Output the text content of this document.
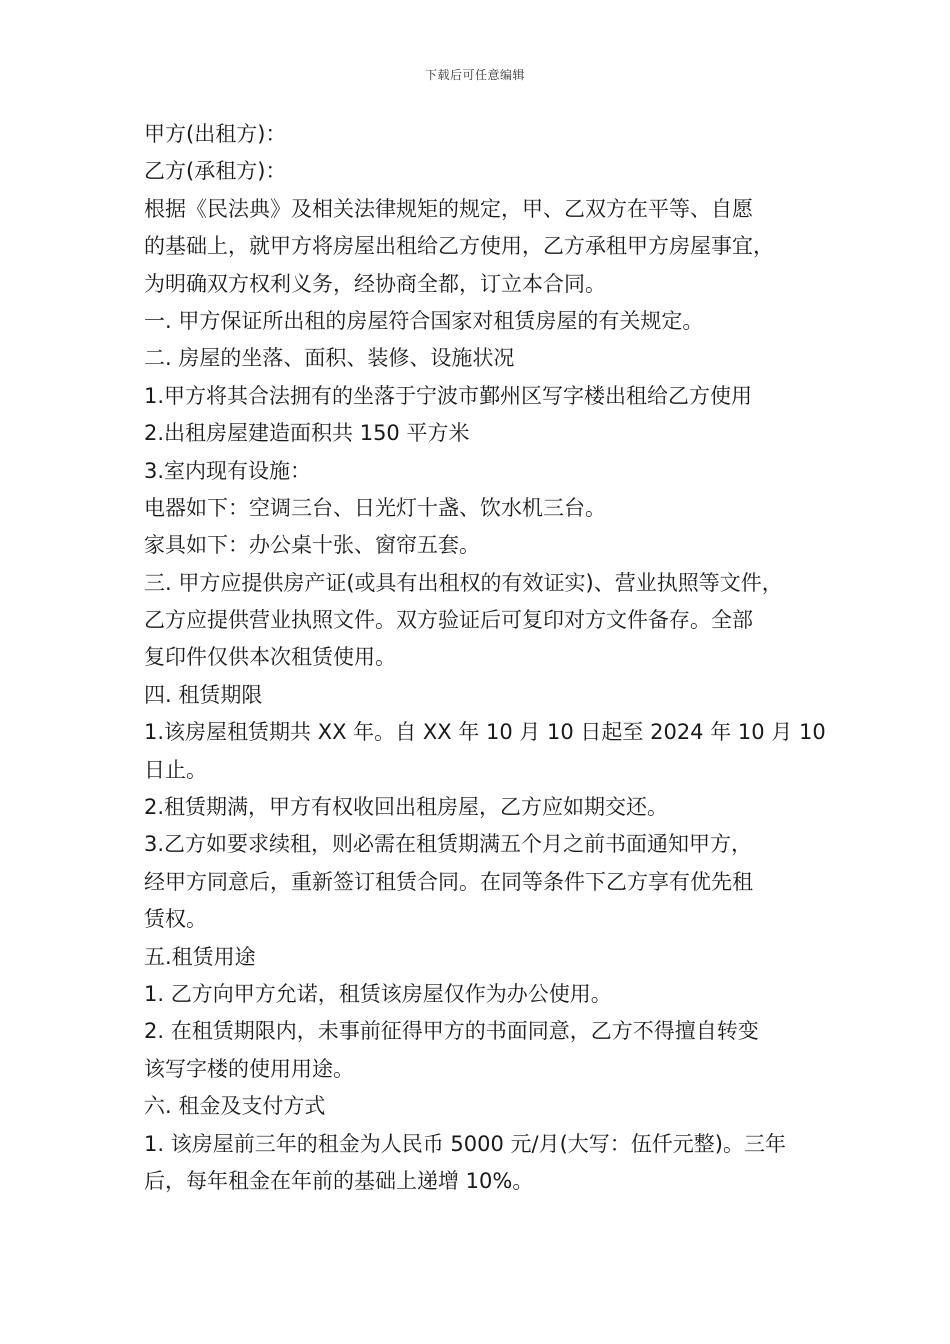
下载后可任意编辑
甲方(出租方)：
乙方(承租方)：
根据《民法典》及相关法律规矩的规定，甲、乙双方在平等、自愿
的基础上，就甲方将房屋出租给乙方使用，乙方承租甲方房屋事宜，
为明确双方权利义务，经协商全都，订立本合同。
一. 甲方保证所出租的房屋符合国家对租赁房屋的有关规定。
二. 房屋的坐落、面积、装修、设施状况
1.甲方将其合法拥有的坐落于宁波市鄞州区写字楼出租给乙方使用
2.出租房屋建造面积共 150 平方米
3.室内现有设施：
电器如下：空调三台、日光灯十盏、饮水机三台。
家具如下：办公桌十张、窗帘五套。
三. 甲方应提供房产证(或具有出租权的有效证实)、营业执照等文件，
乙方应提供营业执照文件。双方验证后可复印对方文件备存。全部
复印件仅供本次租赁使用。
四. 租赁期限
1.该房屋租赁期共 XX 年。自 XX 年 10 月 10 日起至 2024 年 10 月 10
日止。
2.租赁期满，甲方有权收回出租房屋，乙方应如期交还。
3.乙方如要求续租，则必需在租赁期满五个月之前书面通知甲方，
经甲方同意后，重新签订租赁合同。在同等条件下乙方享有优先租
赁权。
五.租赁用途
1. 乙方向甲方允诺，租赁该房屋仅作为办公使用。
2. 在租赁期限内，未事前征得甲方的书面同意，乙方不得擅自转变
该写字楼的使用用途。
六. 租金及支付方式
1. 该房屋前三年的租金为人民币 5000 元/月(大写：伍仟元整)。三年
后，每年租金在年前的基础上递增 10%。
